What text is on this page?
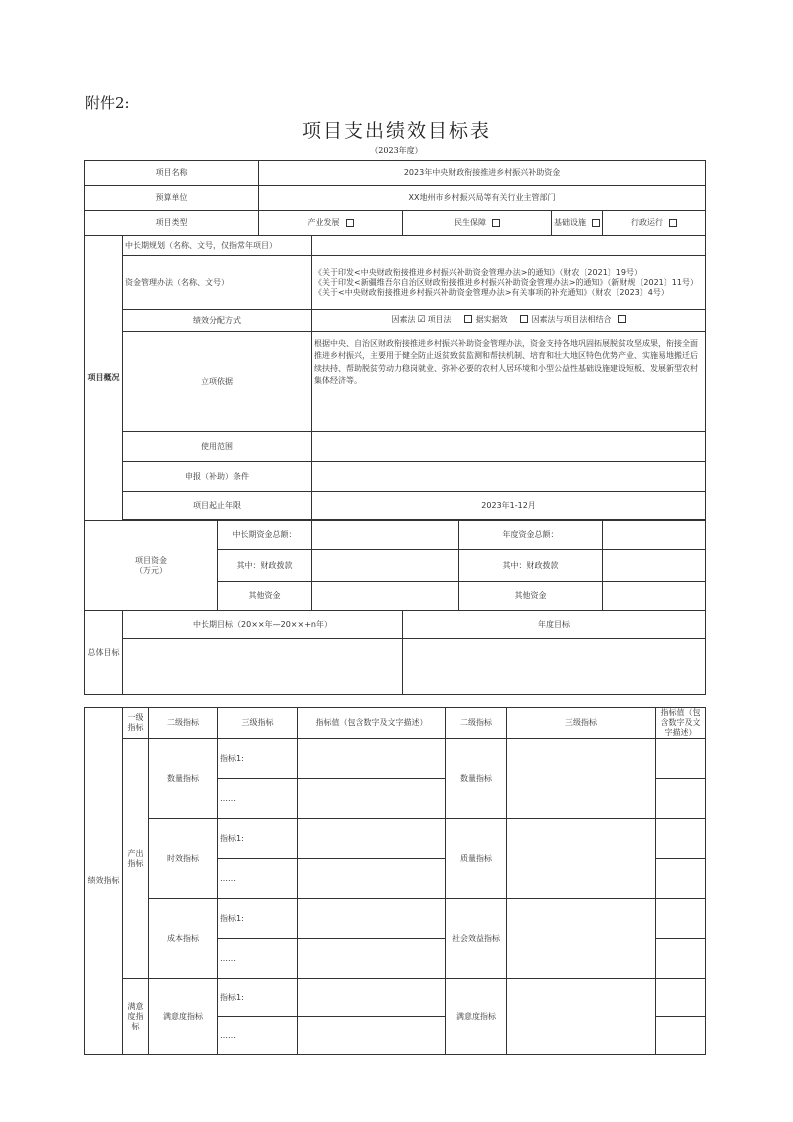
附件2:
项目支出绩效目标表
（2023年度）
项目名称			2023年中央财政衔接推进乡村振兴补助资金					
预算单位			XX地州市乡村振兴局等有关行业主管部门					
项目类型			产业发展		民生保障		基础设施	行政运行
项目概况	中长期规划（名称、文号，仅指常年项目）							
	资金管理办法（名称、文号）			《关于印发<中央财政衔接推进乡村振兴补助资金管理办法>的通知》（财农〔2021〕19号）
《关于印发<新疆维吾尔自治区财政衔接推进乡村振兴补助资金管理办法>的通知》（新财规〔2021〕11号）
《关于<中央财政衔接推进乡村振兴补助资金管理办法>有关事项的补充通知》（财农〔2023〕4号）				

	绩效分配方式			因素法 ☑ 项目法 据实据效 因素法与项目法相结合				
	立项依据			根据中央、自治区财政衔接推进乡村振兴补助资金管理办法，资金支持各地巩固拓展脱贫攻坚成果，衔接全面推进乡村振兴，主要用于健全防止返贫致贫监测和帮扶机制、培育和壮大地区特色优势产业、实施易地搬迁后续扶持、帮助脱贫劳动力稳岗就业、弥补必要的农村人居环境和小型公益性基础设施建设短板、发展新型农村集体经济等。				
	使用范围							
	申报（补助）条件							
	项目起止年限			2023年1-12月				

项目资金
（万元）		中长期资金总额：				年度资金总额：		
		其中：财政拨款				其中：财政拨款		
		其他资金				其他资金		
总体目标	中长期目标（20××年—20××+n年）				年度目标			

绩效指标	一级指标	二级指标	三级指标	指标值（包含数字及文字描述）	二级指标	三级指标	指标值（包含数字及文字描述）
	产出指标	数量指标	指标1:		数量指标		
			……				
		时效指标	指标1:		质量指标		
			……				
		成本指标	指标1:		社会效益指标		
			……				
	满意度指标	满意度指标	指标1:		满意度指标		
			……				
